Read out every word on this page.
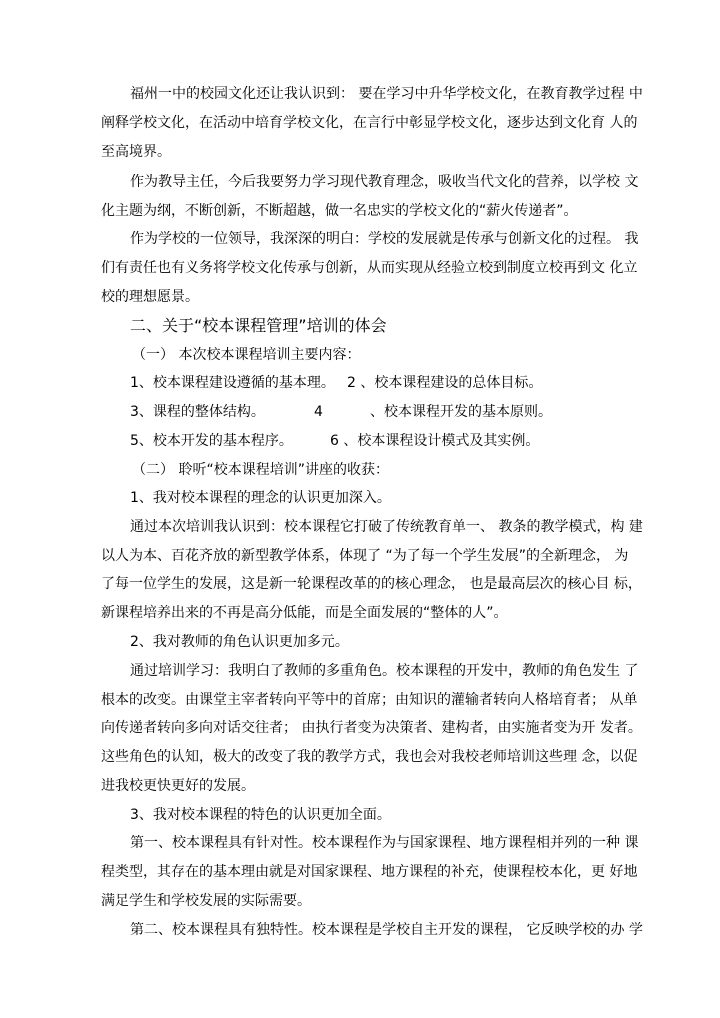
福州一中的校园文化还让我认识到： 要在学习中升华学校文化，在教育教学过程 中
阐释学校文化，在活动中培育学校文化，在言行中彰显学校文化，逐步达到文化育 人的
至高境界。
作为教导主任，今后我要努力学习现代教育理念，吸收当代文化的营养，以学校 文
化主题为纲，不断创新，不断超越，做一名忠实的学校文化的“薪火传递者”。
作为学校的一位领导，我深深的明白：学校的发展就是传承与创新文化的过程。 我
们有责任也有义务将学校文化传承与创新，从而实现从经验立校到制度立校再到文 化立
校的理想愿景。
二、关于“校本课程管理”培训的体会
（一） 本次校本课程培训主要内容：
1、校本课程建设遵循的基本理。 2 、校本课程建设的总体目标。
3、课程的整体结构。	4	、校本课程开发的基本原则。
5、校本开发的基本程序。	6 、校本课程设计模式及其实例。
（二） 聆听“校本课程培训”讲座的收获：
1、我对校本课程的理念的认识更加深入。
通过本次培训我认识到：校本课程它打破了传统教育单一、 教条的教学模式，构 建
以人为本、百花齐放的新型教学体系，体现了 “为了每一个学生发展”的全新理念， 为
了每一位学生的发展，这是新一轮课程改革的的核心理念， 也是最高层次的核心目 标，
新课程培养出来的不再是高分低能，而是全面发展的“整体的人”。
2、我对教师的角色认识更加多元。
通过培训学习：我明白了教师的多重角色。校本课程的开发中，教师的角色发生 了
根本的改变。由课堂主宰者转向平等中的首席；由知识的灌输者转向人格培育者； 从单
向传递者转向多向对话交往者； 由执行者变为决策者、建构者，由实施者变为开 发者。
这些角色的认知，极大的改变了我的教学方式，我也会对我校老师培训这些理 念，以促
进我校更快更好的发展。
3、我对校本课程的特色的认识更加全面。
第一、校本课程具有针对性。校本课程作为与国家课程、地方课程相并列的一种 课
程类型，其存在的基本理由就是对国家课程、地方课程的补充，使课程校本化，更 好地
满足学生和学校发展的实际需要。
第二、校本课程具有独特性。校本课程是学校自主开发的课程， 它反映学校的办 学
